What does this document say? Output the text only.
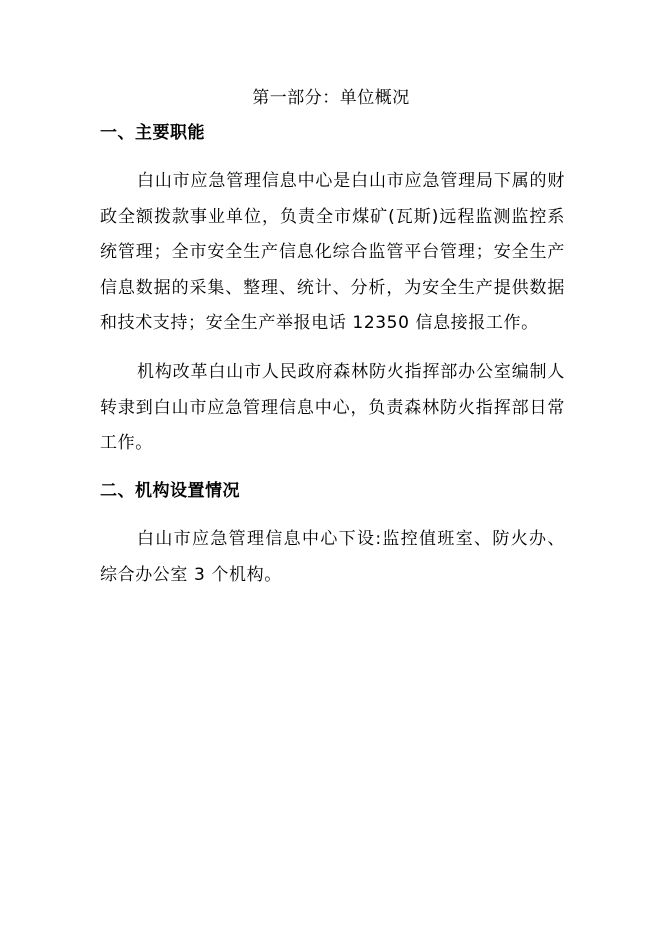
第一部分：单位概况
一、主要职能

白山市应急管理信息中心是白山市应急管理局下属的财政全额拨款事业单位，负责全市煤矿(瓦斯)远程监测监控系统管理；全市安全生产信息化综合监管平台管理；安全生产信息数据的采集、整理、统计、分析，为安全生产提供数据和技术支持；安全生产举报电话 12350 信息接报工作。

机构改革白山市人民政府森林防火指挥部办公室编制人转隶到白山市应急管理信息中心，负责森林防火指挥部日常工作。

二、机构设置情况

白山市应急管理信息中心下设:监控值班室、防火办、综合办公室 3 个机构。
